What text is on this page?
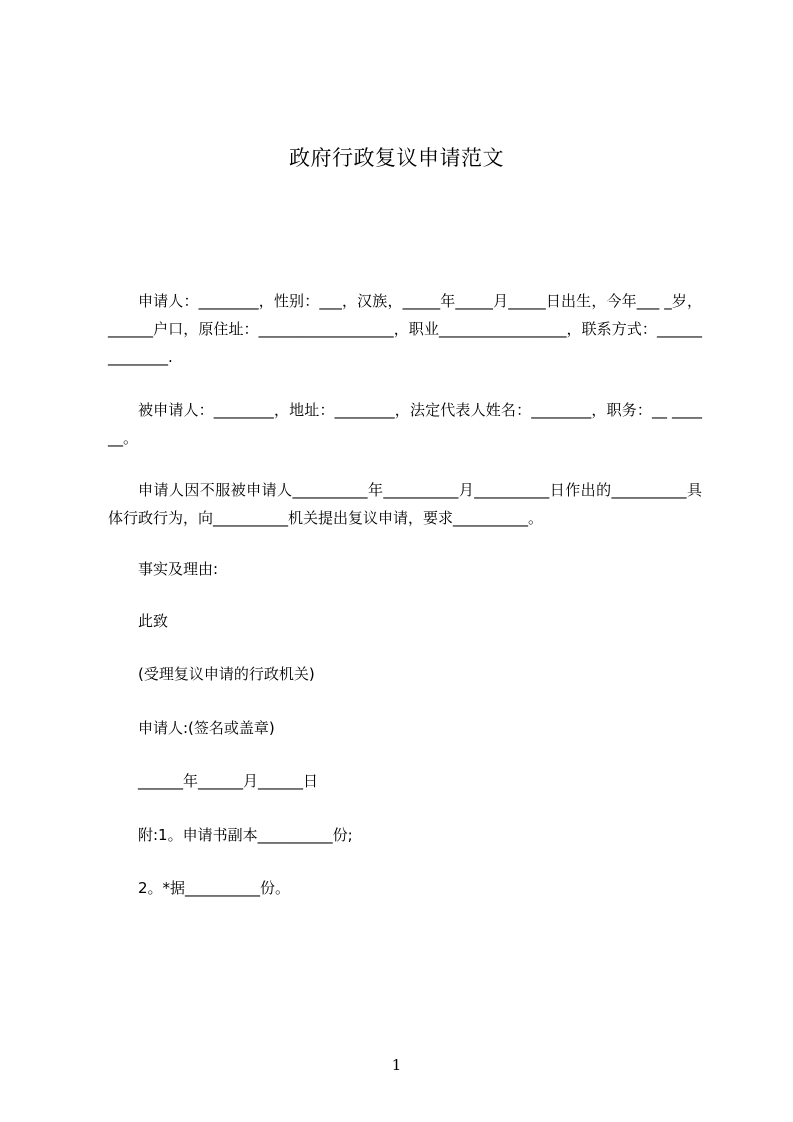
政府行政复议申请范文

申请人：________，性别：___，汉族，_____年_____月_____日出生，今年___ _岁，______户口，原住址：__________________，职业_________________，联系方式：______________.

被申请人：________，地址：________，法定代表人姓名：________，职务：__ ______。

申请人因不服被申请人__________年__________月__________日作出的__________具体行政行为，向__________机关提出复议申请，要求__________。

事实及理由:

此致

(受理复议申请的行政机关)

申请人:(签名或盖章)

______年______月______日

附:1。申请书副本__________份;

2。*据__________份。

1
